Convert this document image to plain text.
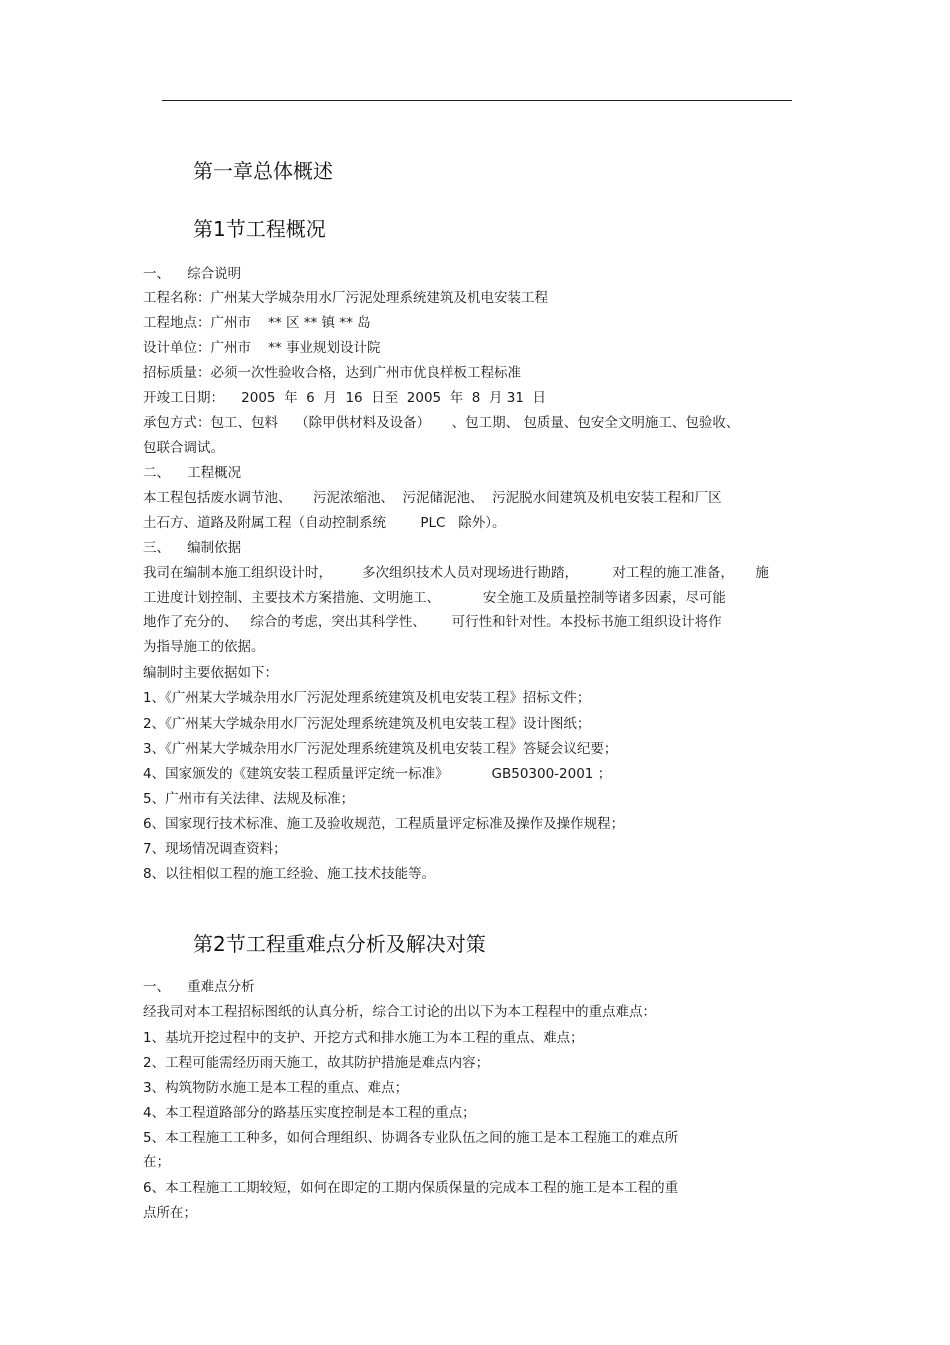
第一章总体概述
第1节工程概况
一、    综合说明
工程名称：广州某大学城杂用水厂污泥处理系统建筑及机电安装工程
工程地点：广州市    ** 区 ** 镇 ** 岛
设计单位：广州市    ** 事业规划设计院
招标质量：必须一次性验收合格，达到广州市优良样板工程标准
开竣工日期：    2005  年  6  月  16  日至  2005  年  8  月 31  日
承包方式：包工、包料    （除甲供材料及设备）     、包工期、 包质量、包安全文明施工、包验收、
包联合调试。
二、    工程概况
本工程包括废水调节池、     污泥浓缩池、  污泥储泥池、  污泥脱水间建筑及机电安装工程和厂区
土石方、道路及附属工程（自动控制系统        PLC   除外）。
三、    编制依据
我司在编制本施工组织设计时，       多次组织技术人员对现场进行勘踏，        对工程的施工准备，     施
工进度计划控制、主要技术方案措施、文明施工、          安全施工及质量控制等诸多因素，尽可能
地作了充分的、   综合的考虑，突出其科学性、      可行性和针对性。本投标书施工组织设计将作
为指导施工的依据。
编制时主要依据如下：
1、《广州某大学城杂用水厂污泥处理系统建筑及机电安装工程》招标文件；
2、《广州某大学城杂用水厂污泥处理系统建筑及机电安装工程》设计图纸；
3、《广州某大学城杂用水厂污泥处理系统建筑及机电安装工程》答疑会议纪要；
4、国家颁发的《建筑安装工程质量评定统一标准》          GB50300-2001 ；
5、广州市有关法律、法规及标准；
6、国家现行技术标准、施工及验收规范，工程质量评定标准及操作及操作规程；
7、现场情况调查资料；
8、以往相似工程的施工经验、施工技术技能等。
第2节工程重难点分析及解决对策
一、    重难点分析
经我司对本工程招标图纸的认真分析，综合工讨论的出以下为本工程程中的重点难点：
1、基坑开挖过程中的支护、开挖方式和排水施工为本工程的重点、难点；
2、工程可能需经历雨天施工，故其防护措施是难点内容；
3、构筑物防水施工是本工程的重点、难点；
4、本工程道路部分的路基压实度控制是本工程的重点；
5、本工程施工工种多，如何合理组织、协调各专业队伍之间的施工是本工程施工的难点所
在；
6、本工程施工工期较短，如何在即定的工期内保质保量的完成本工程的施工是本工程的重
点所在；
